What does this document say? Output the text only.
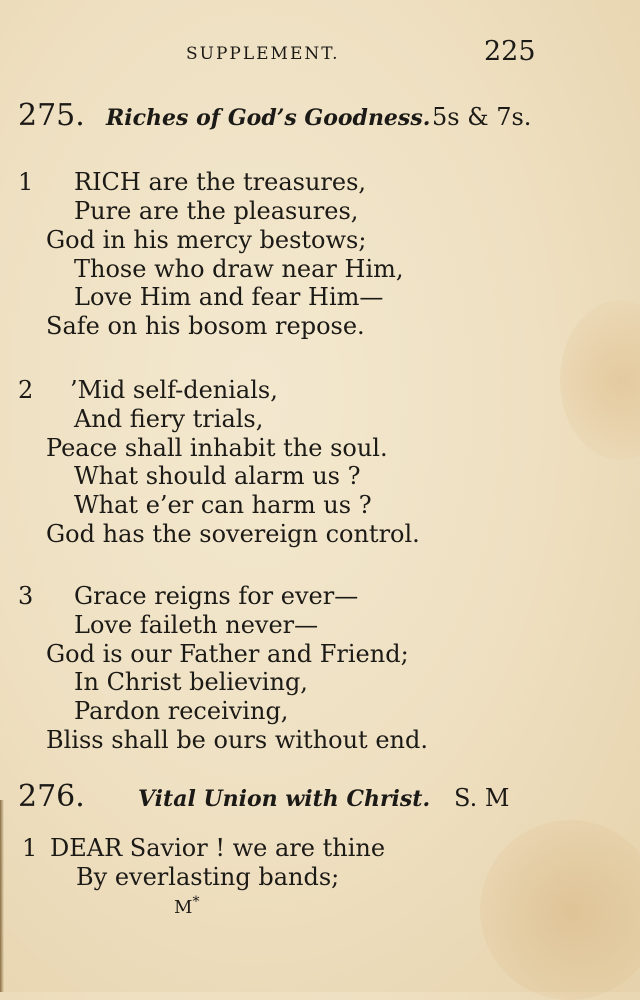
SUPPLEMENT.	225
275. Riches of God’s Goodness. 5s & 7s.
1 RICH are the treasures,
Pure are the pleasures,
God in his mercy bestows;
Those who draw near Him,
Love Him and fear Him—
Safe on his bosom repose.
2 ’Mid self-denials,
And fiery trials,
Peace shall inhabit the soul.
What should alarm us ?
What e’er can harm us ?
God has the sovereign control.
3 Grace reigns for ever—
Love faileth never—
God is our Father and Friend;
In Christ believing,
Pardon receiving,
Bliss shall be ours without end.
276. Vital Union with Christ. S. M
1 DEAR Savior ! we are thine
By everlasting bands;
M*
